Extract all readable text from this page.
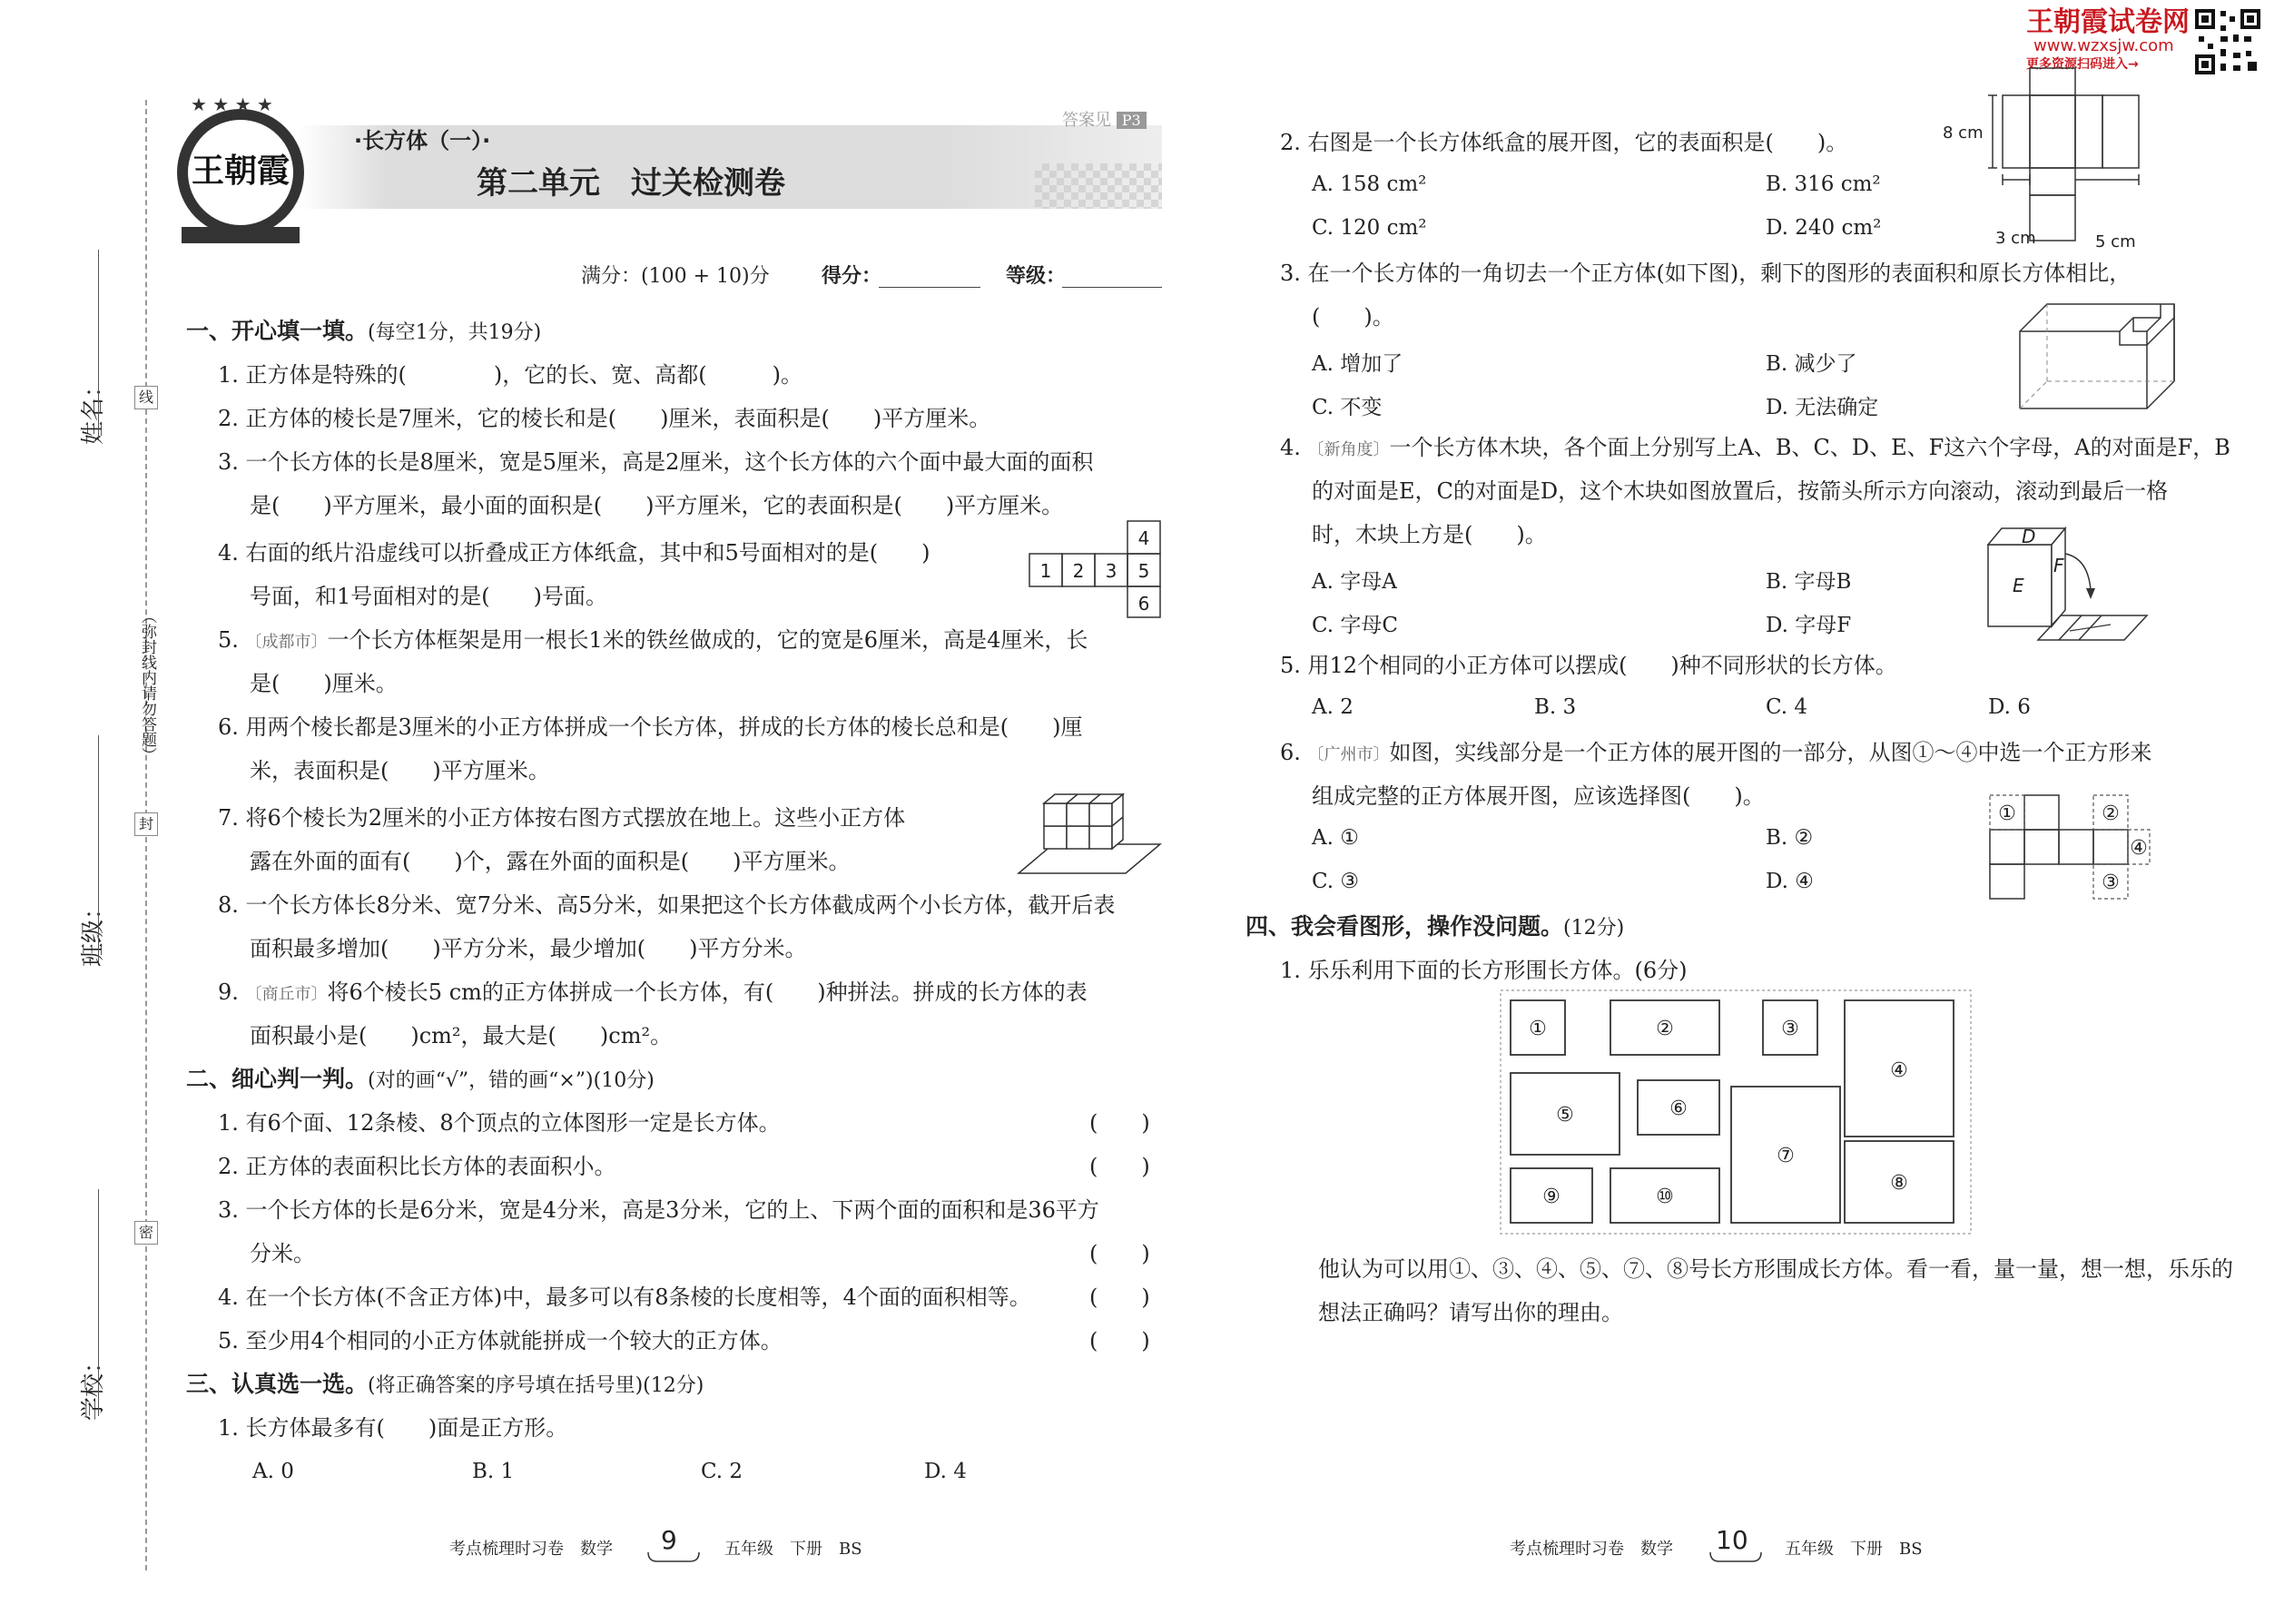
线
封
密
（弥封线内请勿答题）
姓名：
班级：
学校：
王朝霞
★ ★ ★ ★
·长方体（一）·
第二单元　过关检测卷
答案见 P3
满分：(100 + 10)分	得分：	等级：
一、开心填一填。(每空1分，共19分)
1. 正方体是特殊的(　　　　)，它的长、宽、高都(　　　)。
2. 正方体的棱长是7厘米，它的棱长和是(　　)厘米，表面积是(　　)平方厘米。
3. 一个长方体的长是8厘米，宽是5厘米，高是2厘米，这个长方体的六个面中最大面的面积
是(　　)平方厘米，最小面的面积是(　　)平方厘米，它的表面积是(　　)平方厘米。
4. 右面的纸片沿虚线可以折叠成正方体纸盒，其中和5号面相对的是(　　)
号面，和1号面相对的是(　　)号面。
4
1 2 3 5
6
5. 〔成都市〕一个长方体框架是用一根长1米的铁丝做成的，它的宽是6厘米，高是4厘米，长
是(　　)厘米。
6. 用两个棱长都是3厘米的小正方体拼成一个长方体，拼成的长方体的棱长总和是(　　)厘
米，表面积是(　　)平方厘米。
7. 将6个棱长为2厘米的小正方体按右图方式摆放在地上。这些小正方体
露在外面的面有(　　)个，露在外面的面积是(　　)平方厘米。
8. 一个长方体长8分米、宽7分米、高5分米，如果把这个长方体截成两个小长方体，截开后表
面积最多增加(　　)平方分米，最少增加(　　)平方分米。
9. 〔商丘市〕将6个棱长5 cm的正方体拼成一个长方体，有(　　)种拼法。拼成的长方体的表
面积最小是(　　)cm²，最大是(　　)cm²。
二、细心判一判。(对的画“√”，错的画“×”)(10分)
1. 有6个面、12条棱、8个顶点的立体图形一定是长方体。	(　　)
2. 正方体的表面积比长方体的表面积小。	(　　)
3. 一个长方体的长是6分米，宽是4分米，高是3分米，它的上、下两个面的面积和是36平方
分米。	(　　)
4. 在一个长方体(不含正方体)中，最多可以有8条棱的长度相等，4个面的面积相等。	(　　)
5. 至少用4个相同的小正方体就能拼成一个较大的正方体。	(　　)
三、认真选一选。(将正确答案的序号填在括号里)(12分)
1. 长方体最多有(　　)面是正方形。
A. 0	B. 1	C. 2	D. 4
考点梳理时习卷　数学 9	五年级　下册　BS
王朝霞试卷网
www.wzxsjw.com
更多资源扫码进入→
2. 右图是一个长方体纸盒的展开图，它的表面积是(　　)。
A. 158 cm²	B. 316 cm²
C. 120 cm²	D. 240 cm²
8 cm
3 cm	5 cm
3. 在一个长方体的一角切去一个正方体(如下图)，剩下的图形的表面积和原长方体相比，
(　　)。
A. 增加了	B. 减少了
C. 不变	D. 无法确定
4. 〔新角度〕一个长方体木块，各个面上分别写上A、B、C、D、E、F这六个字母，A的对面是F，B
的对面是E，C的对面是D，这个木块如图放置后，按箭头所示方向滚动，滚动到最后一格
时，木块上方是(　　)。
A. 字母A	B. 字母B
C. 字母C	D. 字母F
D
E
F
5. 用12个相同的小正方体可以摆成(　　)种不同形状的长方体。
A. 2	B. 3	C. 4	D. 6
6. 〔广州市〕如图，实线部分是一个正方体的展开图的一部分，从图①～④中选一个正方形来
组成完整的正方体展开图，应该选择图(　　)。
A. ①	B. ②
C. ③	D. ④
①	②
④
③
四、我会看图形，操作没问题。(12分)
1. 乐乐利用下面的长方形围长方体。(6分)
①	②	③
④
⑤	⑥
⑦
⑧
⑨	⑩
他认为可以用①、③、④、⑤、⑦、⑧号长方形围成长方体。看一看，量一量，想一想，乐乐的
想法正确吗？请写出你的理由。
考点梳理时习卷　数学 10 五年级　下册　BS
